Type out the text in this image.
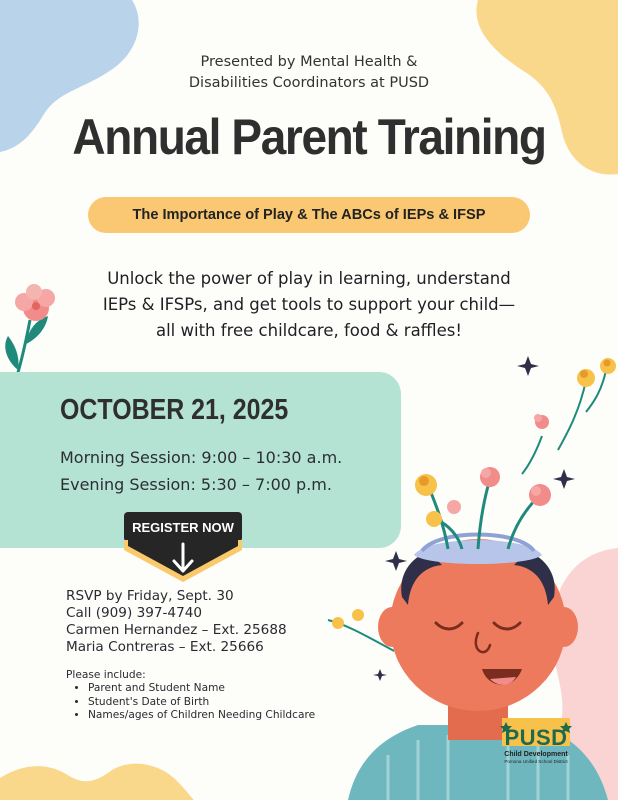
Presented by Mental Health &
Disabilities Coordinators at PUSD
Annual Parent Training
The Importance of Play & The ABCs of IEPs & IFSP
Unlock the power of play in learning, understand
IEPs & IFSPs, and get tools to support your child—
all with free childcare, food & raffles!
OCTOBER 21, 2025
Morning Session: 9:00 – 10:30 a.m.
Evening Session: 5:30 – 7:00 p.m.
REGISTER NOW
RSVP by Friday, Sept. 30
Call (909) 397-4740
Carmen Hernandez – Ext. 25688
Maria Contreras – Ext. 25666
Please include:
• Parent and Student Name
• Student's Date of Birth
• Names/ages of Children Needing Childcare
PUSD
Child Development
Pomona Unified School District
